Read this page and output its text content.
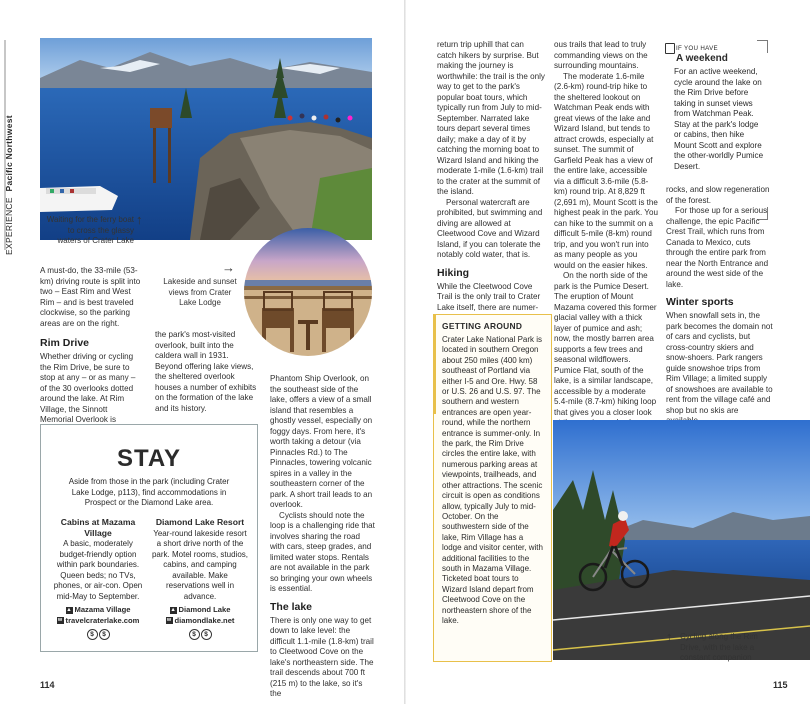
EXPERIENCE Pacific Northwest
Waiting for the ferry boat to cross the glassy waters of Crater Lake
↑
Lakeside and sunset views from Crater Lake Lodge
→

A must-do, the 33-mile (53-km) driving route is split into two – East Rim and West Rim – and is best traveled clockwise, so the parking areas are on the right.

Rim Drive

Whether driving or cycling the Rim Drive, be sure to stop at any – or as many – of the 30 overlooks dotted around the lake. At Rim Village, the Sinnott Memorial Overlook is

the park's most-visited overlook, built into the caldera wall in 1931. Beyond offering lake views, the sheltered overlook houses a number of exhibits on the formation of the lake and its history.

Phantom Ship Overlook, on the southeast side of the lake, offers a view of a small island that resembles a ghostly vessel, especially on foggy days. From here, it's worth taking a detour (via Pinnacles Rd.) to The Pinnacles, towering volcanic spires in a valley in the southeastern corner of the park. A short trail leads to an overlook.

Cyclists should note the loop is a challenging ride that involves sharing the road with cars, steep grades, and limited water stops. Rentals are not available in the park so bringing your own wheels is essential.

The lake

There is only one way to get down to lake level: the difficult 1.1-mile (1.8-km) trail to Cleetwood Cove on the lake's northeastern side. The trail descends about 700 ft (215 m) to the lake, so it's the

STAY
Aside from those in the park (including Crater Lake Lodge, p113), find accommodations in Prospect or the Diamond Lake area.
Cabins at Mazama Village
A basic, moderately budget-friendly option within park boundaries. Queen beds; no TVs, phones, or air-con. Open mid-May to September.
▲ Mazama Village
w travelcraterlake.com
$ $
Diamond Lake Resort
Year-round lakeside resort a short drive north of the park. Motel rooms, studios, cabins, and camping available. Make reservations well in advance.
▲ Diamond Lake
w diamondlake.net
$ $
114

return trip uphill that can catch hikers by surprise. But making the journey is worthwhile: the trail is the only way to get to the park's popular boat tours, which typically run from July to mid-September. Narrated lake tours depart several times daily; make a day of it by catching the morning boat to Wizard Island and hiking the moderate 1-mile (1.6-km) trail to the crater at the summit of the island.

Personal watercraft are prohibited, but swimming and diving are allowed at Cleetwood Cove and Wizard Island, if you can tolerate the notably cold water, that is.

Hiking

While the Cleetwood Cove Trail is the only trail to Crater Lake itself, there are numer-

GETTING AROUND
Crater Lake National Park is located in southern Oregon about 250 miles (400 km) southeast of Portland via either I-5 and Ore. Hwy. 58 or U.S. 26 and U.S. 97. The southern and western entrances are open year-round, while the northern entrance is summer-only. In the park, the Rim Drive circles the entire lake, with numerous parking areas at viewpoints, trailheads, and other attractions. The scenic circuit is open as conditions allow, typically July to mid-October. On the southwestern side of the lake, Rim Village has a lodge and visitor center, with additional facilities to the south in Mazama Village. Ticketed boat tours to Wizard Island depart from Cleetwood Cove on the northeastern shore of the lake.

ous trails that lead to truly commanding views on the surrounding mountains.

The moderate 1.6-mile (2.6-km) round-trip hike to the sheltered lookout on Watchman Peak ends with great views of the lake and Wizard Island, but tends to attract crowds, especially at sunset. The summit of Garfield Peak has a view of the entire lake, accessible via a difficult 3.6-mile (5.8-km) round trip. At 8,829 ft (2,691 m), Mount Scott is the highest peak in the park. You can hike to the summit on a difficult 5-mile (8-km) round trip, and you won't run into as many people as you would on the easier hikes.

On the north side of the park is the Pumice Desert. The eruption of Mount Mazama covered this former glacial valley with a thick layer of pumice and ash; now, the mostly barren area supports a few trees and seasonal wildflowers. Pumice Flat, south of the lake, is a similar landscape, accessible by a moderate 5.4-mile (8.7-km) hiking loop that gives you a closer look

IF YOU HAVE
A weekend
For an active weekend, cycle around the lake on the Rim Drive before taking in sunset views from Watchman Peak. Stay at the park's lodge or cabins, then hike Mount Scott and explore the other-worldly Pumice Desert.

rocks, and slow regeneration of the forest.

For those up for a serious challenge, the epic Pacific Crest Trail, which runs from Canada to Mexico, cuts through the entire park from near the North Entrance and around the west side of the lake.

Winter sports

When snowfall sets in, the park becomes the domain not of cars and cyclists, but cross-country skiers and snow-shoers. Park rangers guide snowshoe trips from Rim Village; a limited supply of snowshoes are available to rent from the village café and shop but no skis are

Cycling along the Rim Drive, with the lake a constant companion
↑
115
